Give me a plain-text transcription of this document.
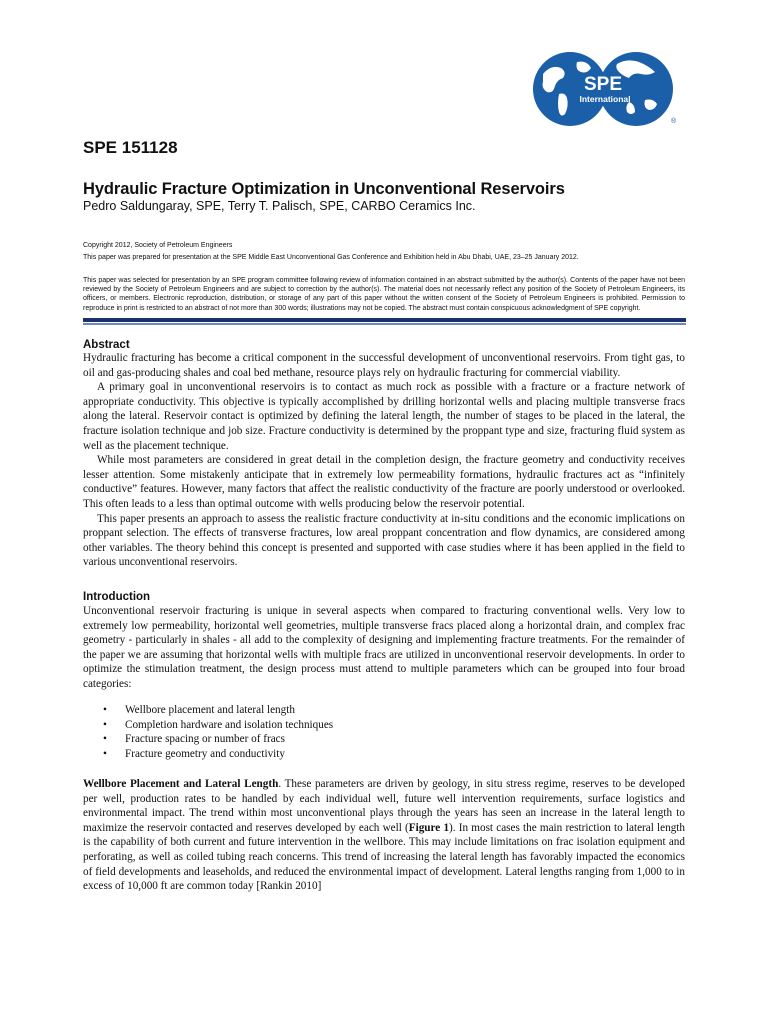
SPE
International
®
SPE 151128
Hydraulic Fracture Optimization in Unconventional Reservoirs
Pedro Saldungaray, SPE, Terry T. Palisch, SPE, CARBO Ceramics Inc.
Copyright 2012, Society of Petroleum Engineers
This paper was prepared for presentation at the SPE Middle East Unconventional Gas Conference and Exhibition held in Abu Dhabi, UAE, 23–25 January 2012.
This paper was selected for presentation by an SPE program committee following review of information contained in an abstract submitted by the author(s). Contents of the paper have not been reviewed by the Society of Petroleum Engineers and are subject to correction by the author(s). The material does not necessarily reflect any position of the Society of Petroleum Engineers, its officers, or members. Electronic reproduction, distribution, or storage of any part of this paper without the written consent of the Society of Petroleum Engineers is prohibited. Permission to reproduce in print is restricted to an abstract of not more than 300 words; illustrations may not be copied. The abstract must contain conspicuous acknowledgment of SPE copyright.
Abstract

Hydraulic fracturing has become a critical component in the successful development of unconventional reservoirs. From tight gas, to oil and gas-producing shales and coal bed methane, resource plays rely on hydraulic fracturing for commercial viability.

A primary goal in unconventional reservoirs is to contact as much rock as possible with a fracture or a fracture network of appropriate conductivity. This objective is typically accomplished by drilling horizontal wells and placing multiple transverse fracs along the lateral. Reservoir contact is optimized by defining the lateral length, the number of stages to be placed in the lateral, the fracture isolation technique and job size. Fracture conductivity is determined by the proppant type and size, fracturing fluid system as well as the placement technique.

While most parameters are considered in great detail in the completion design, the fracture geometry and conductivity receives lesser attention. Some mistakenly anticipate that in extremely low permeability formations, hydraulic fractures act as “infinitely conductive” features. However, many factors that affect the realistic conductivity of the fracture are poorly understood or overlooked. This often leads to a less than optimal outcome with wells producing below the reservoir potential.

This paper presents an approach to assess the realistic fracture conductivity at in-situ conditions and the economic implications on proppant selection. The effects of transverse fractures, low areal proppant concentration and flow dynamics, are considered among other variables. The theory behind this concept is presented and supported with case studies where it has been applied in the field to various unconventional reservoirs.

Introduction

Unconventional reservoir fracturing is unique in several aspects when compared to fracturing conventional wells. Very low to extremely low permeability, horizontal well geometries, multiple transverse fracs placed along a horizontal drain, and complex frac geometry - particularly in shales - all add to the complexity of designing and implementing fracture treatments. For the remainder of the paper we are assuming that horizontal wells with multiple fracs are utilized in unconventional reservoir developments. In order to optimize the stimulation treatment, the design process must attend to multiple parameters which can be grouped into four broad categories:

• Wellbore placement and lateral length
• Completion hardware and isolation techniques
• Fracture spacing or number of fracs
• Fracture geometry and conductivity

Wellbore Placement and Lateral Length. These parameters are driven by geology, in situ stress regime, reserves to be developed per well, production rates to be handled by each individual well, future well intervention requirements, surface logistics and environmental impact. The trend within most unconventional plays through the years has seen an increase in the lateral length to maximize the reservoir contacted and reserves developed by each well (Figure 1). In most cases the main restriction to lateral length is the capability of both current and future intervention in the wellbore. This may include limitations on frac isolation equipment and perforating, as well as coiled tubing reach concerns. This trend of increasing the lateral length has favorably impacted the economics of field developments and leaseholds, and reduced the environmental impact of development. Lateral lengths ranging from 1,000 to in excess of 10,000 ft are common today [Rankin 2010]
